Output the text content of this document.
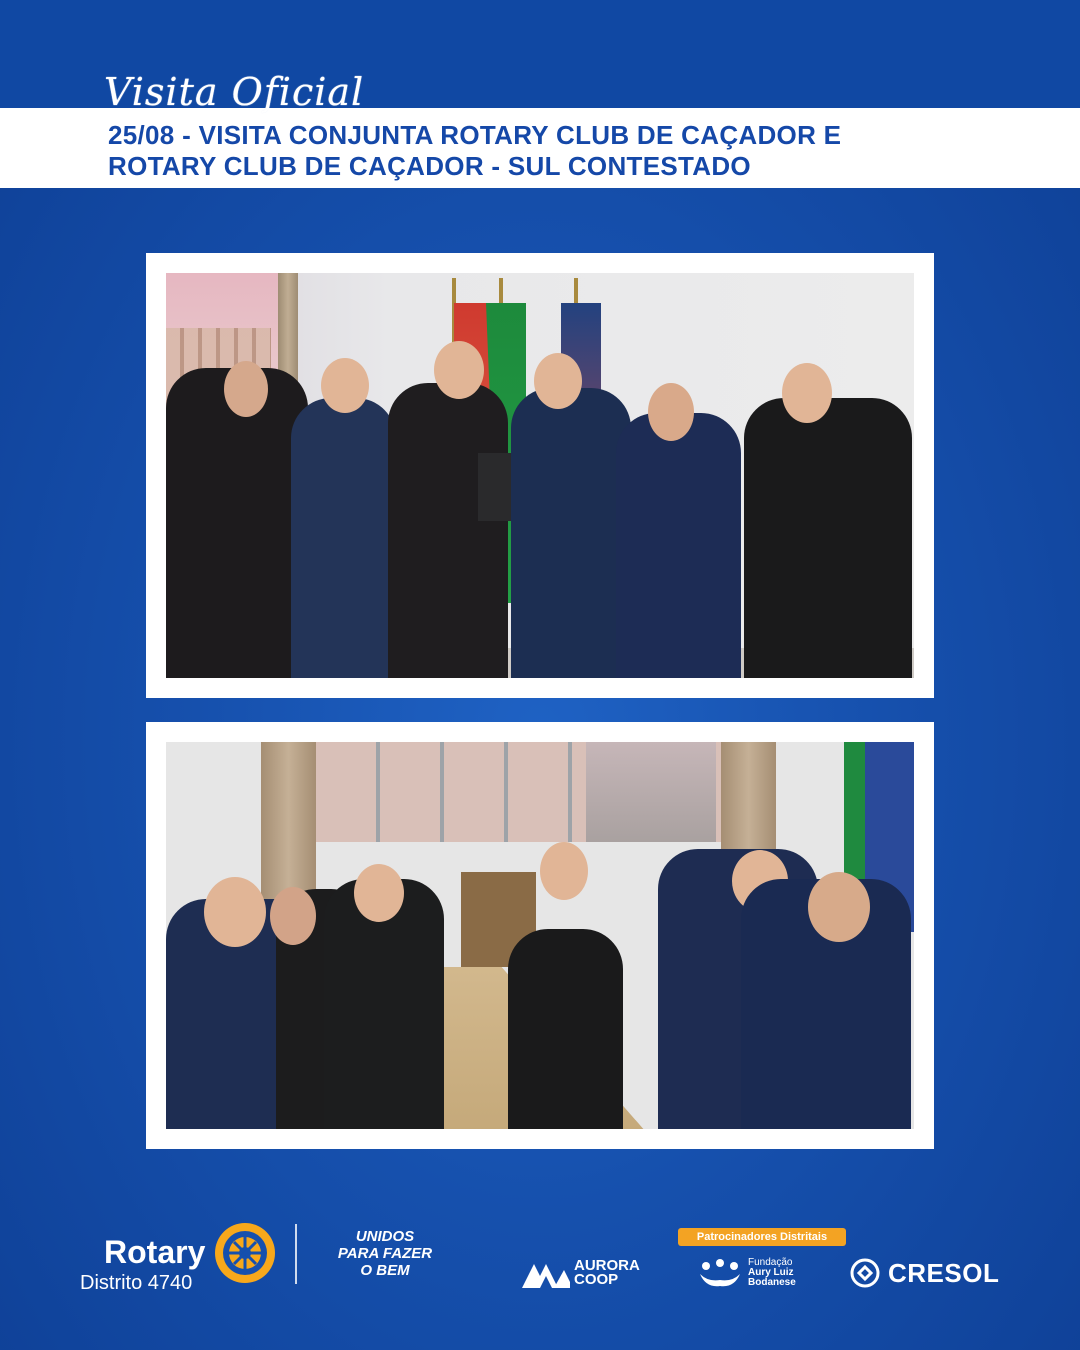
Visita Oficial
25/08 - VISITA CONJUNTA ROTARY CLUB DE CAÇADOR E
ROTARY CLUB DE CAÇADOR - SUL CONTESTADO
Rotary
Distrito 4740
UNIDOS
PARA FAZER
O BEM
Patrocinadores Distritais
AURORA
COOP
Fundação
Aury Luiz
Bodanese	CRESOL
